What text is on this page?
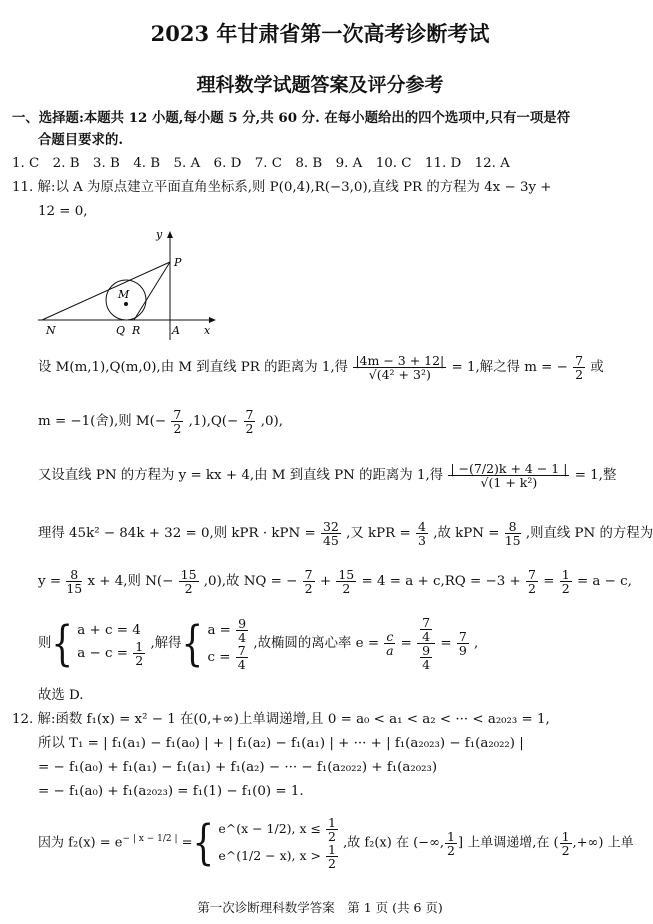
2023 年甘肃省第一次高考诊断考试
理科数学试题答案及评分参考
一、选择题:本题共 12 小题,每小题 5 分,共 60 分. 在每小题给出的四个选项中,只有一项是符
合题目要求的.
1. C　2. B　3. B　4. B　5. A　6. D　7. C　8. B　9. A　10. C　11. D　12. A
11. 解:以 A 为原点建立平面直角坐标系,则 P(0,4),R(−3,0),直线 PR 的方程为 4x − 3y +
12 = 0,
y
x
P
M
N	Q R	A
设 M(m,1),Q(m,0),由 M 到直线 PR 的距离为 1,得 $\frac{|4m - 3 + 12|}{\text{√(4² + 3²)}} = 1$,解之得 m = − $\frac{7}{2}$ 或
m = −1(舍),则 $M(- \frac{7}{2} ,1),Q(- \frac{7}{2} ,0)$,
又设直线 PN 的方程为 y = kx + 4,由 M 到直线 PN 的距离为 1,得 $\frac{| -(7/2)k + 4 - 1 |}{\text{√(1 + k²)}} = 1$,整
理得 45k² − 84k + 32 = 0,则 kPR · kPN = $\frac{32}{45}$ ,又 kPR = $\frac{4}{3}$ ,故 kPN = $\frac{8}{15}$ ,则直线 PN 的方程为
$y = \frac{8}{15}$ x + 4,则 $N(- \frac{15}{2} ,0)$,故 NQ = − $\frac{7}{2} + \frac{15}{2} = 4 = a + c,RQ = -3 + \frac{7}{2} = \frac{1}{2} = a - c$,
则{ a + c = 4
$a - c = \frac{1}{2}$ ,解得{ $a = \frac{9}{4}$
$c = \frac{7}{4}$ ,故椭圆的离心率 $e = \frac{c}{a} = \frac{\frac{7}{4}}{\frac{9}{4}} = \frac{7}{9}$ ,
故选 D.
12. 解:函数 f₁(x) = x² − 1 在(0,+∞)上单调递增,且 0 = a₀ < a₁ < a₂ < ··· < a₂₀₂₃ = 1,
所以 T₁ = | f₁(a₁) − f₁(a₀) | + | f₁(a₂) − f₁(a₁) | + ··· + | f₁(a₂₀₂₃) − f₁(a₂₀₂₂) |
= − f₁(a₀) + f₁(a₁) − f₁(a₁) + f₁(a₂) − ··· − f₁(a₂₀₂₂) + f₁(a₂₀₂₃)
= − f₁(a₀) + f₁(a₂₀₂₃) = f₁(1) − f₁(0) = 1.
因为 $f_2(x) = e^{- | x - 1/2 |}$ ={ e^(x − 1/2), $x \le \frac{1}{2}$
e^(1/2 − x), $x > \frac{1}{2}$ ,故 f₂(x) 在 (−∞, $\frac{1}{2}$ ] 上单调递增,在 ( $\frac{1}{2}$ ,+∞) 上单
第一次诊断理科数学答案　第 1 页 (共 6 页)
